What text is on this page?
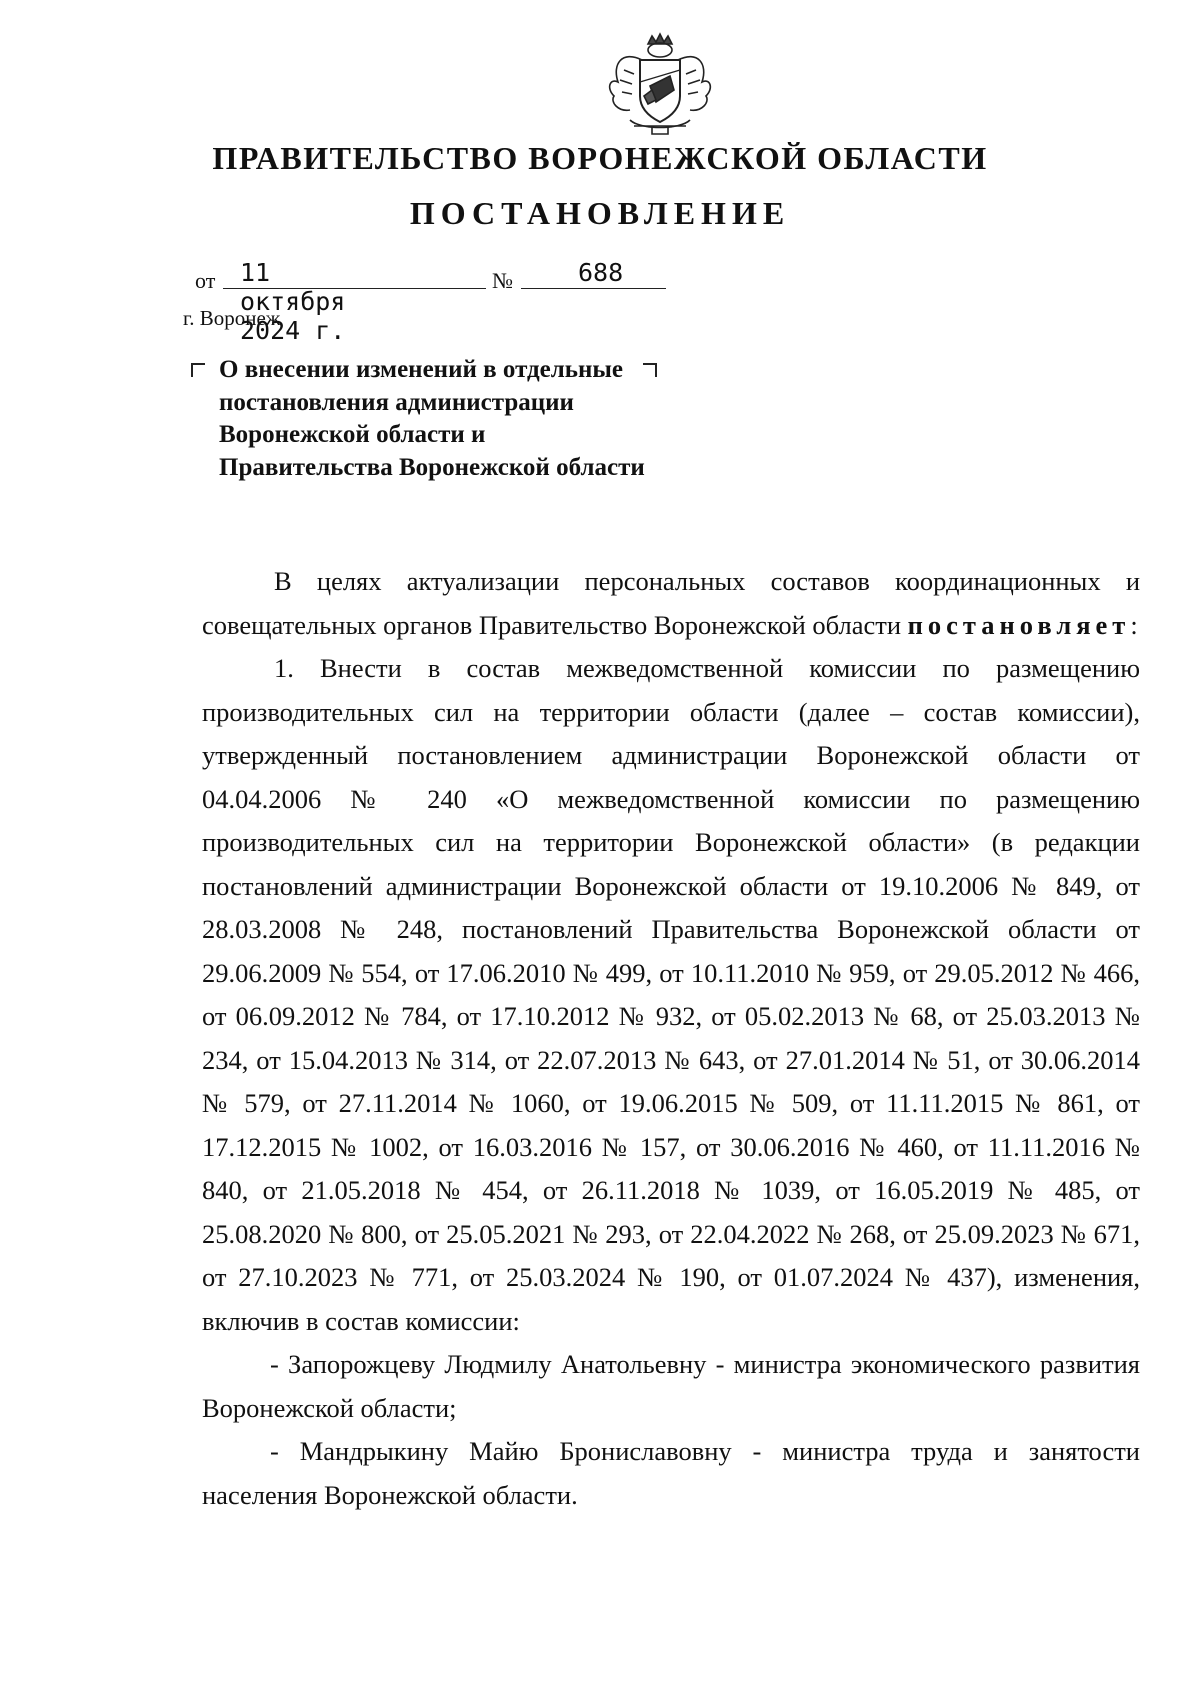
ПРАВИТЕЛЬСТВО ВОРОНЕЖСКОЙ ОБЛАСТИ
ПОСТАНОВЛЕНИЕ
от 11 октября 2024 г.
№	688
г. Воронеж
О внесении изменений в отдельные постановления администрации Воронежской области и Правительства Воронежской области

В целях актуализации персональных составов координационных и совещательных органов Правительство Воронежской области постановляет:

1. Внести в состав межведомственной комиссии по размещению производительных сил на территории области (далее – состав комиссии), утвержденный постановлением администрации Воронежской области от 04.04.2006 № 240 «О межведомственной комиссии по размещению производительных сил на территории Воронежской области» (в редакции постановлений администрации Воронежской области от 19.10.2006 № 849, от 28.03.2008 № 248, постановлений Правительства Воронежской области от 29.06.2009 № 554, от 17.06.2010 № 499, от 10.11.2010 № 959, от 29.05.2012 № 466, от 06.09.2012 № 784, от 17.10.2012 № 932, от 05.02.2013 № 68, от 25.03.2013 № 234, от 15.04.2013 № 314, от 22.07.2013 № 643, от 27.01.2014 № 51, от 30.06.2014 № 579, от 27.11.2014 № 1060, от 19.06.2015 № 509, от 11.11.2015 № 861, от 17.12.2015 № 1002, от 16.03.2016 № 157, от 30.06.2016 № 460, от 11.11.2016 № 840, от 21.05.2018 № 454, от 26.11.2018 № 1039, от 16.05.2019 № 485, от 25.08.2020 № 800, от 25.05.2021 № 293, от 22.04.2022 № 268, от 25.09.2023 № 671, от 27.10.2023 № 771, от 25.03.2024 № 190, от 01.07.2024 № 437), изменения, включив в состав комиссии:

- Запорожцеву Людмилу Анатольевну - министра экономического развития Воронежской области;

- Мандрыкину Майю Брониславовну - министра труда и занятости населения Воронежской области.
